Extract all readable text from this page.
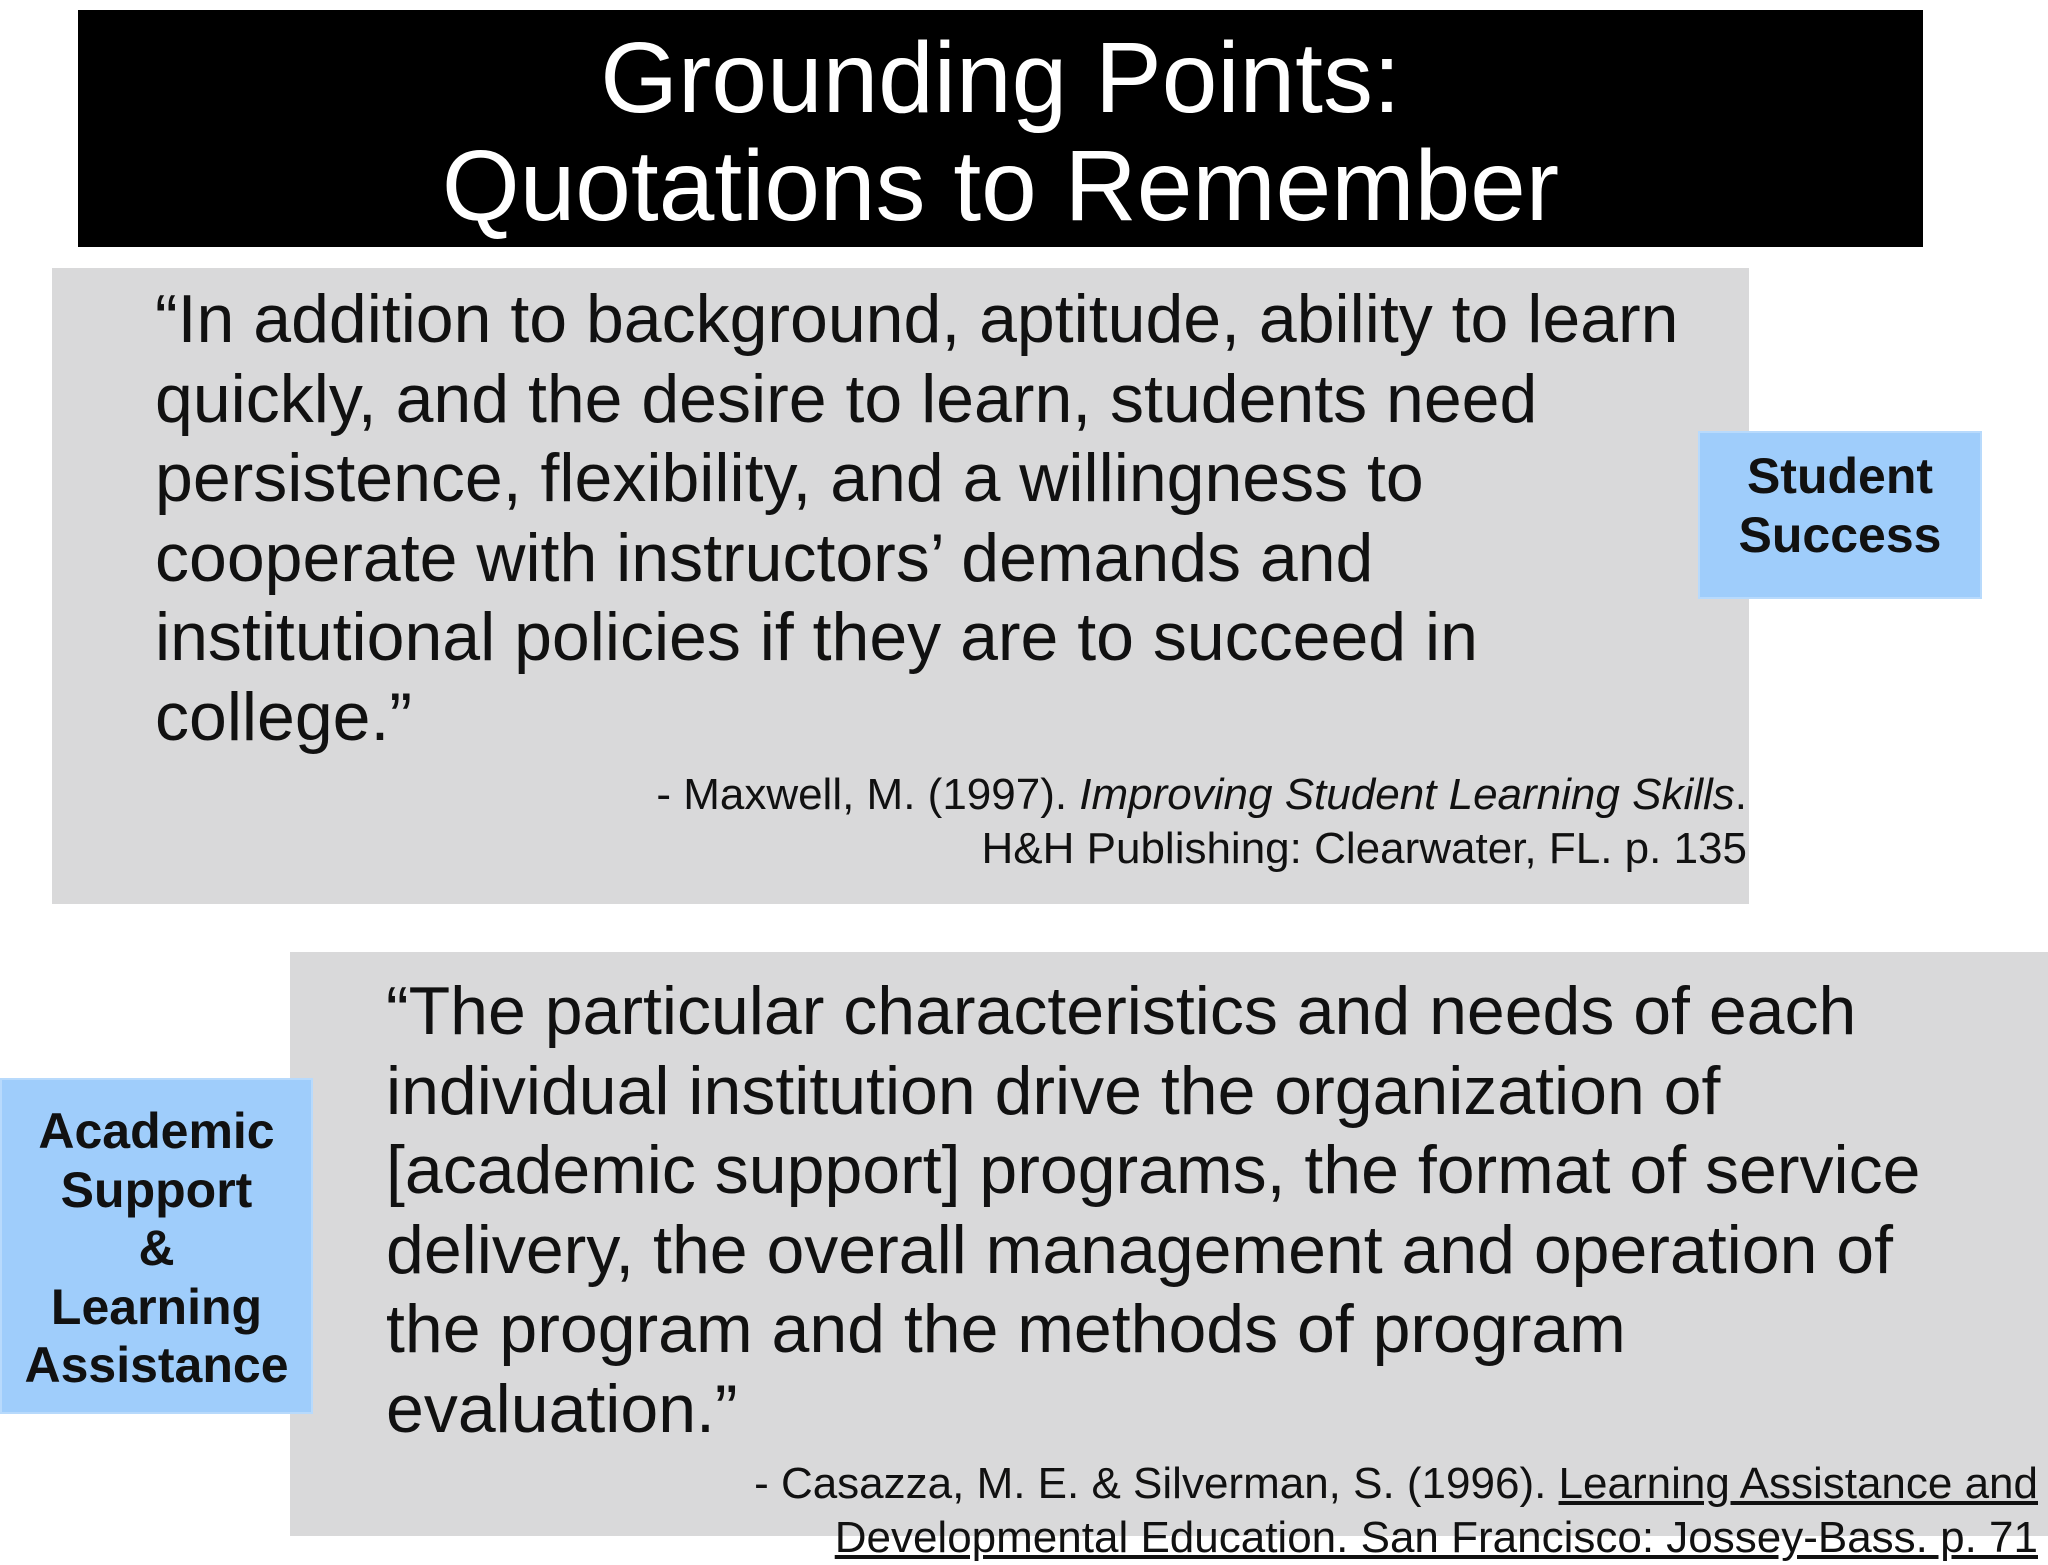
Grounding Points:
Quotations to Remember

“In addition to background, aptitude, ability to learn
quickly, and the desire to learn, students need
persistence, flexibility, and a willingness to
cooperate with instructors’ demands and
institutional policies if they are to succeed in
college.”

- Maxwell, M. (1997). Improving Student Learning Skills.
H&H Publishing: Clearwater, FL. p. 135
Student
Success

“The particular characteristics and needs of each
individual institution drive the organization of
[academic support] programs, the format of service
delivery, the overall management and operation of
the program and the methods of program
evaluation.”

- Casazza, M. E. & Silverman, S. (1996). Learning Assistance and
Developmental Education. San Francisco: Jossey-Bass. p. 71
Academic
Support
&
Learning
Assistance
